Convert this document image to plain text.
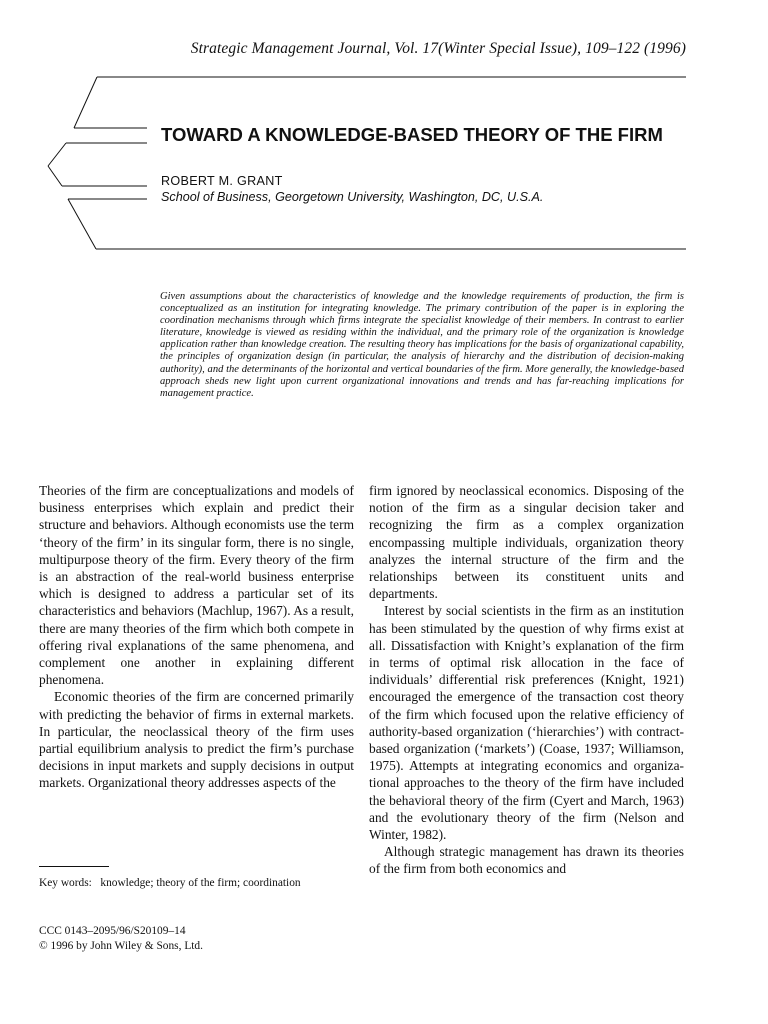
Strategic Management Journal, Vol. 17(Winter Special Issue), 109–122 (1996)
TOWARD A KNOWLEDGE-BASED THEORY OF THE FIRM
ROBERT M. GRANT
School of Business, Georgetown University, Washington, DC, U.S.A.
Given assumptions about the characteristics of knowledge and the knowledge requirements of production, the firm is conceptualized as an institution for integrating knowledge. The primary contribution of the paper is in exploring the coordination mechanisms through which firms integrate the specialist knowledge of their members. In contrast to earlier literature, knowledge is viewed as residing within the individual, and the primary role of the organization is knowledge application rather than knowledge creation. The resulting theory has implications for the basis of organizational capability, the principles of organization design (in particular, the analysis of hierarchy and the distribution of decision-making authority), and the determinants of the horizontal and vertical boundaries of the firm. More generally, the knowledge-based approach sheds new light upon current organizational innovations and trends and has far-reaching implications for management practice.

Theories of the firm are conceptualizations and models of business enterprises which explain and predict their structure and behaviors. Although economists use the term ‘theory of the firm’ in its singular form, there is no single, multipurpose theory of the firm. Every theory of the firm is an abstraction of the real-world business enterprise which is designed to address a particular set of its characteristics and behaviors (Machlup, 1967). As a result, there are many theories of the firm which both compete in offering rival explanations of the same phenomena, and complement one another in explaining different phenomena.

Economic theories of the firm are concerned primarily with predicting the behavior of firms in external markets. In particular, the neoclassical theory of the firm uses partial equilibrium analysis to predict the firm’s purchase decisions in input markets and supply decisions in output markets. Organizational theory addresses aspects of the

firm ignored by neoclassical economics. Disposing of the notion of the firm as a singular decision taker and recognizing the firm as a complex organization encompassing multiple individuals, organization theory analyzes the internal structure of the firm and the relationships between its constituent units and departments.

Interest by social scientists in the firm as an institution has been stimulated by the question of why firms exist at all. Dissatisfaction with Knight’s explanation of the firm in terms of optimal risk allocation in the face of individuals’ differential risk preferences (Knight, 1921) encouraged the emergence of the transaction cost theory of the firm which focused upon the relative efficiency of authority-based organization (‘hierarchies’) with contract-based organization (‘markets’) (Coase, 1937; Williamson, 1975). Attempts at integrating economics and organizational approaches to the theory of the firm have included the behavioral theory of the firm (Cyert and March, 1963) and the evolutionary theory of the firm (Nelson and Winter, 1982).

Although strategic management has drawn its theories of the firm from both economics and

Key words:  knowledge; theory of the firm; coordination
CCC 0143–2095/96/S20109–14
© 1996 by John Wiley & Sons, Ltd.
